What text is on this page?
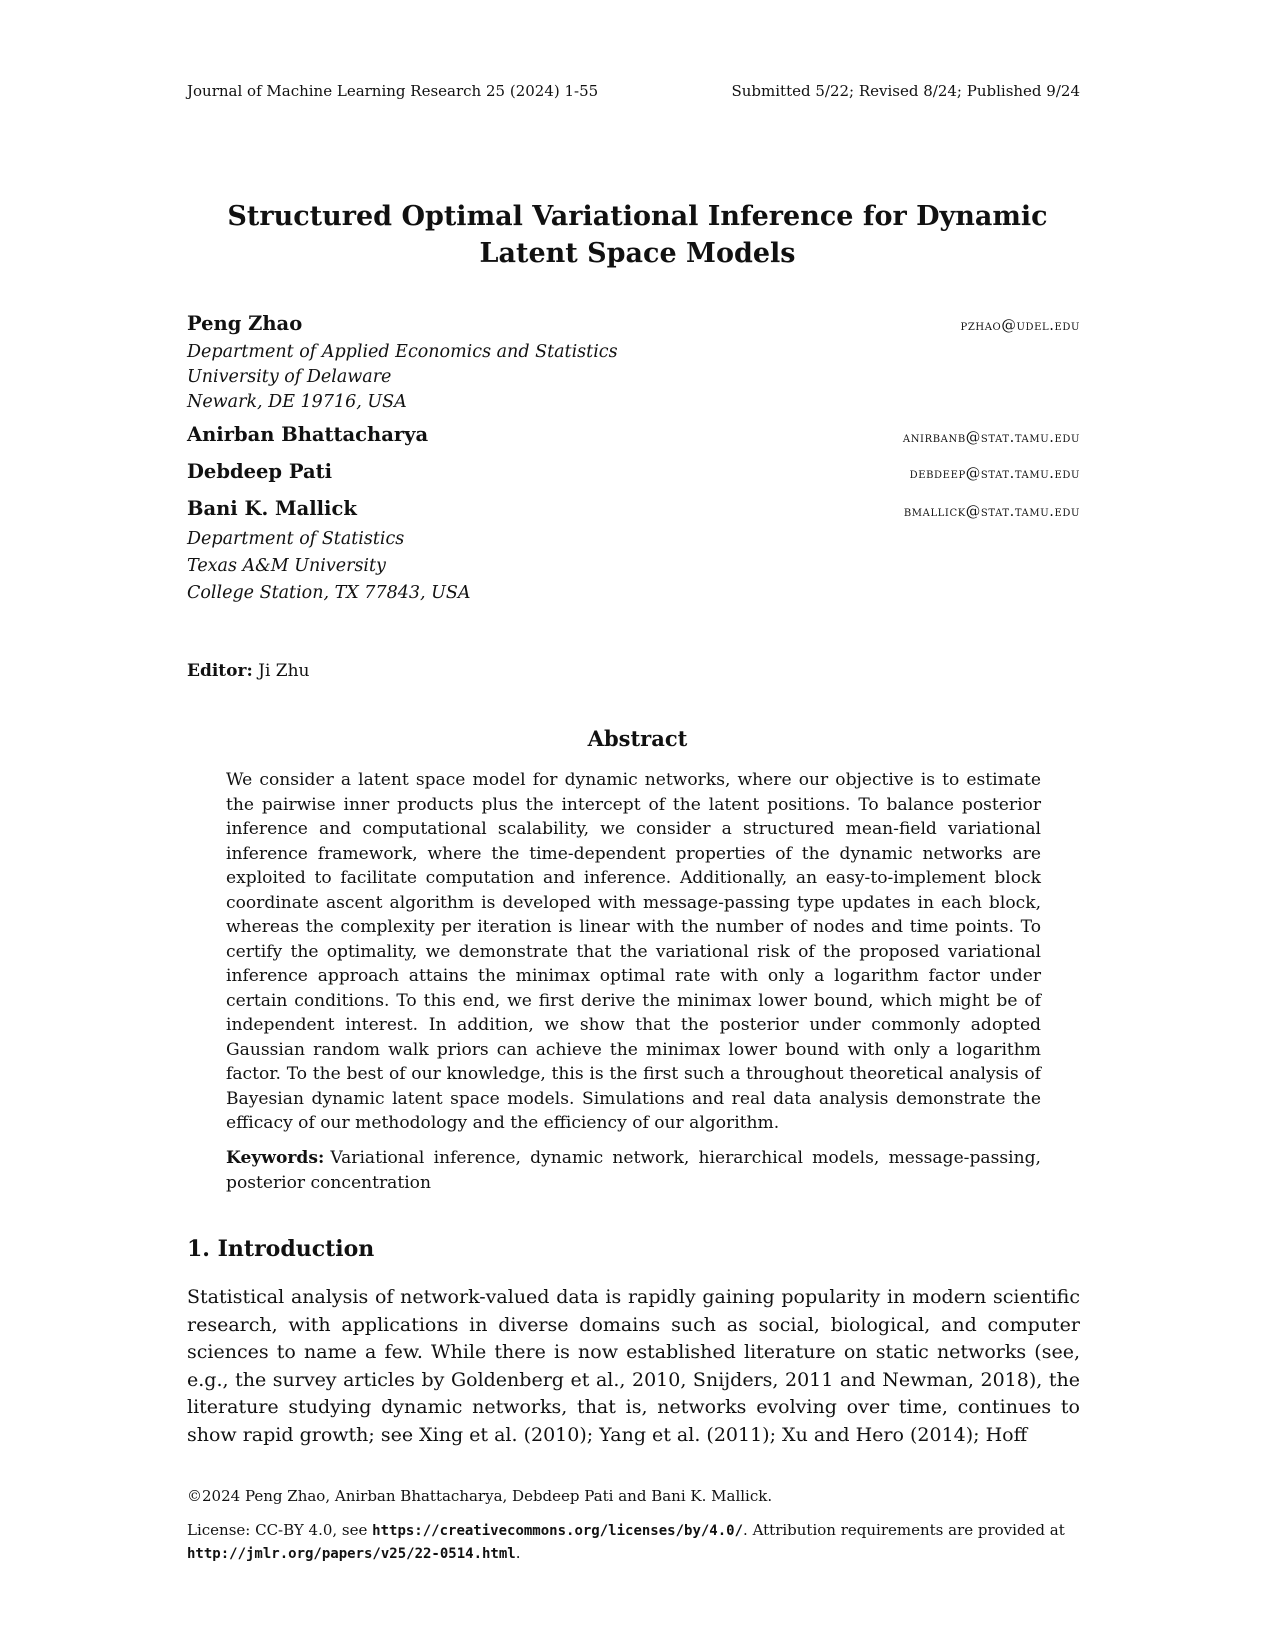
Journal of Machine Learning Research 25 (2024) 1-55	Submitted 5/22; Revised 8/24; Published 9/24
Structured Optimal Variational Inference for Dynamic
Latent Space Models
Peng Zhao	pzhao@udel.edu
Department of Applied Economics and Statistics
University of Delaware
Newark, DE 19716, USA
Anirban Bhattacharya	anirbanb@stat.tamu.edu
Debdeep Pati	debdeep@stat.tamu.edu
Bani K. Mallick	bmallick@stat.tamu.edu
Department of Statistics
Texas A&M University
College Station, TX 77843, USA
Editor: Ji Zhu
Abstract
We consider a latent space model for dynamic networks, where our objective is to estimate the pairwise inner products plus the intercept of the latent positions. To balance posterior inference and computational scalability, we consider a structured mean-field variational inference framework, where the time-dependent properties of the dynamic networks are exploited to facilitate computation and inference. Additionally, an easy-to-implement block coordinate ascent algorithm is developed with message-passing type updates in each block, whereas the complexity per iteration is linear with the number of nodes and time points. To certify the optimality, we demonstrate that the variational risk of the proposed variational inference approach attains the minimax optimal rate with only a logarithm factor under certain conditions. To this end, we first derive the minimax lower bound, which might be of independent interest. In addition, we show that the posterior under commonly adopted Gaussian random walk priors can achieve the minimax lower bound with only a logarithm factor. To the best of our knowledge, this is the first such a throughout theoretical analysis of Bayesian dynamic latent space models. Simulations and real data analysis demonstrate the efficacy of our methodology and the efficiency of our algorithm.
Keywords: Variational inference, dynamic network, hierarchical models, message-passing, posterior concentration
1. Introduction
Statistical analysis of network-valued data is rapidly gaining popularity in modern scientific research, with applications in diverse domains such as social, biological, and computer sciences to name a few. While there is now established literature on static networks (see, e.g., the survey articles by Goldenberg et al., 2010, Snijders, 2011 and Newman, 2018), the literature studying dynamic networks, that is, networks evolving over time, continues to show rapid growth; see Xing et al. (2010); Yang et al. (2011); Xu and Hero (2014); Hoff
©2024 Peng Zhao, Anirban Bhattacharya, Debdeep Pati and Bani K. Mallick.
License: CC-BY 4.0, see https://creativecommons.org/licenses/by/4.0/. Attribution requirements are provided at http://jmlr.org/papers/v25/22-0514.html.
